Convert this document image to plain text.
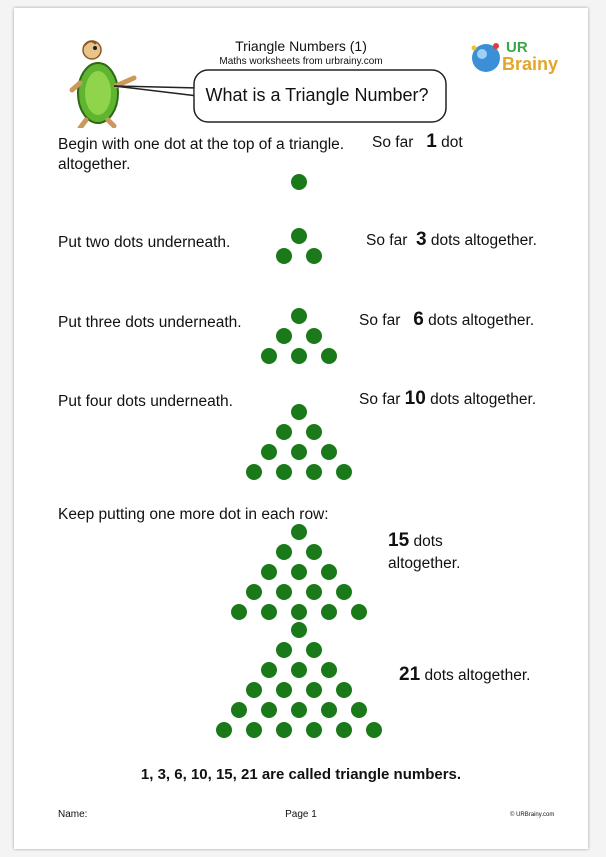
What is a Triangle Number?
Triangle Numbers (1)
Maths worksheets from urbrainy.com
UR
Brainy
Begin with one dot at the top of a triangle.	So far 1 dot
altogether.
Put two dots underneath.	So far 3 dots altogether.
Put three dots underneath.	So far 6 dots altogether.
Put four dots underneath.	So far 10 dots altogether.
Keep putting one more dot in each row:
15 dots
altogether.
21 dots altogether.
1, 3, 6, 10, 15, 21 are called triangle numbers.
Name:	Page 1	© URBrainy.com
